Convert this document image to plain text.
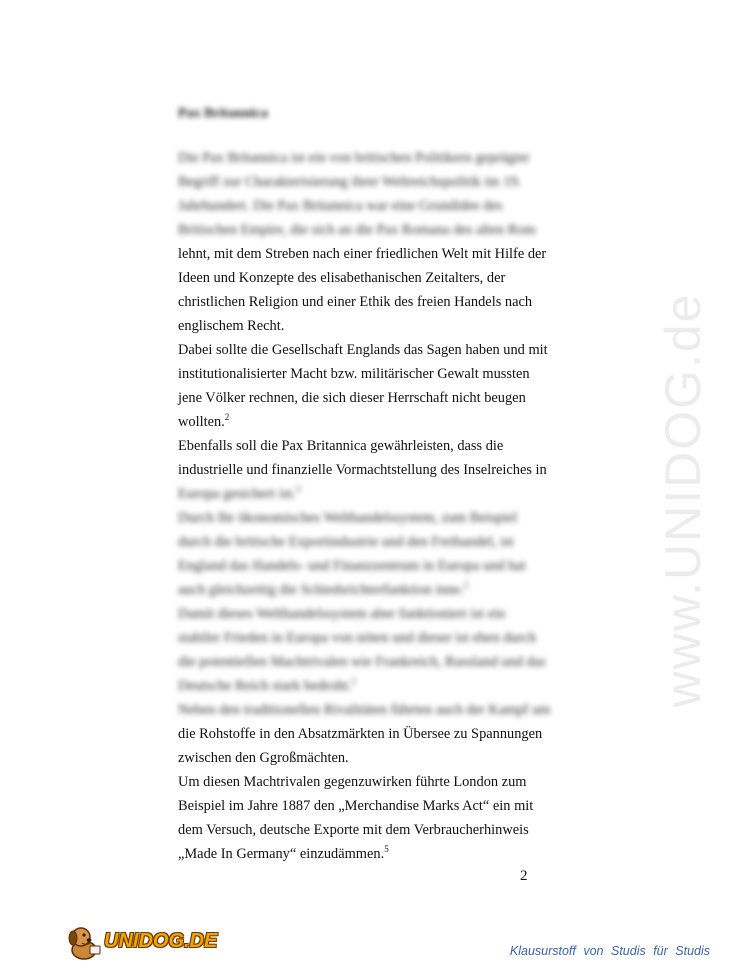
www.UNIDOG.de
Pax Britannica
Die Pax Britannica ist ein von britischen Politikern geprägter
Begriff zur Charakterisierung ihrer Weltreichspolitik im 19.
Jahrhundert. Die Pax Britannica war eine Grundidee des
Britischen Empire, die sich an die Pax Romana des alten Rom
lehnt, mit dem Streben nach einer friedlichen Welt mit Hilfe der
Ideen und Konzepte des elisabethanischen Zeitalters, der
christlichen Religion und einer Ethik des freien Handels nach
englischem Recht.
Dabei sollte die Gesellschaft Englands das Sagen haben und mit
institutionalisierter Macht bzw. militärischer Gewalt mussten
jene Völker rechnen, die sich dieser Herrschaft nicht beugen
wollten.$^2$
Ebenfalls soll die Pax Britannica gewährleisten, dass die
industrielle und finanzielle Vormachtstellung des Inselreiches in
Europa gesichert ist.$^3$
Durch Ihr ökonomisches Welthandelssystem, zum Beispiel
durch die britische Exportindustrie und den Freihandel, ist
England das Handels- und Finanzzentrum in Europa und hat
auch gleichzeitig die Schiedsrichterfunktion inne.$^2$
Damit dieses Welthandelssystem aber funktioniert ist ein
stabiler Frieden in Europa von nöten und dieser ist eben durch
die potentiellen Machtrivalen wie Frankreich, Russland und das
Deutsche Reich stark bedroht.$^2$
Neben den traditionellen Rivalitäten führten auch der Kampf um
die Rohstoffe in den Absatzmärkten in Übersee zu Spannungen
zwischen den Ggroßmächten.
Um diesen Machtrivalen gegenzuwirken führte London zum
Beispiel im Jahre 1887 den „Merchandise Marks Act“ ein mit
dem Versuch, deutsche Exporte mit dem Verbraucherhinweis
„Made In Germany“ einzudämmen.$^5$
2
UNIDOG.DE	Klausurstoff von Studis für Studis
